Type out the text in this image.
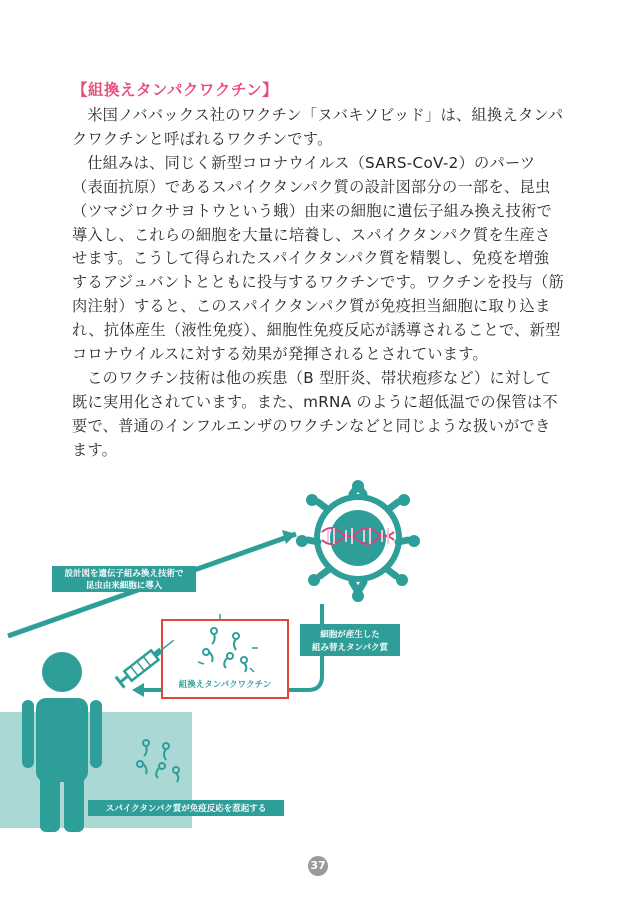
【組換えタンパクワクチン】

米国ノババックス社のワクチン「ヌバキソビッド」は、組換えタンパクワクチンと呼ばれるワクチンです。

仕組みは、同じく新型コロナウイルス（SARS-CoV-2）のパーツ（表面抗原）であるスパイクタンパク質の設計図部分の一部を、昆虫（ツマジロクサヨトウという蛾）由来の細胞に遺伝子組み換え技術で導入し、これらの細胞を大量に培養し、スパイクタンパク質を生産させます。こうして得られたスパイクタンパク質を精製し、免疫を増強するアジュバントとともに投与するワクチンです。ワクチンを投与（筋肉注射）すると、このスパイクタンパク質が免疫担当細胞に取り込まれ、抗体産生（液性免疫）、細胞性免疫反応が誘導されることで、新型コロナウイルスに対する効果が発揮されるとされています。

このワクチン技術は他の疾患（B 型肝炎、帯状疱疹など）に対して既に実用化されています。また、mRNA のように超低温での保管は不要で、普通のインフルエンザのワクチンなどと同じような扱いができます。

設計図を遺伝子組み換え技術で
昆虫由来細胞に導入
細胞が産生した
組み替えタンパク質
組換えタンパクワクチン
スパイクタンパク質が免疫反応を惹起する
37
